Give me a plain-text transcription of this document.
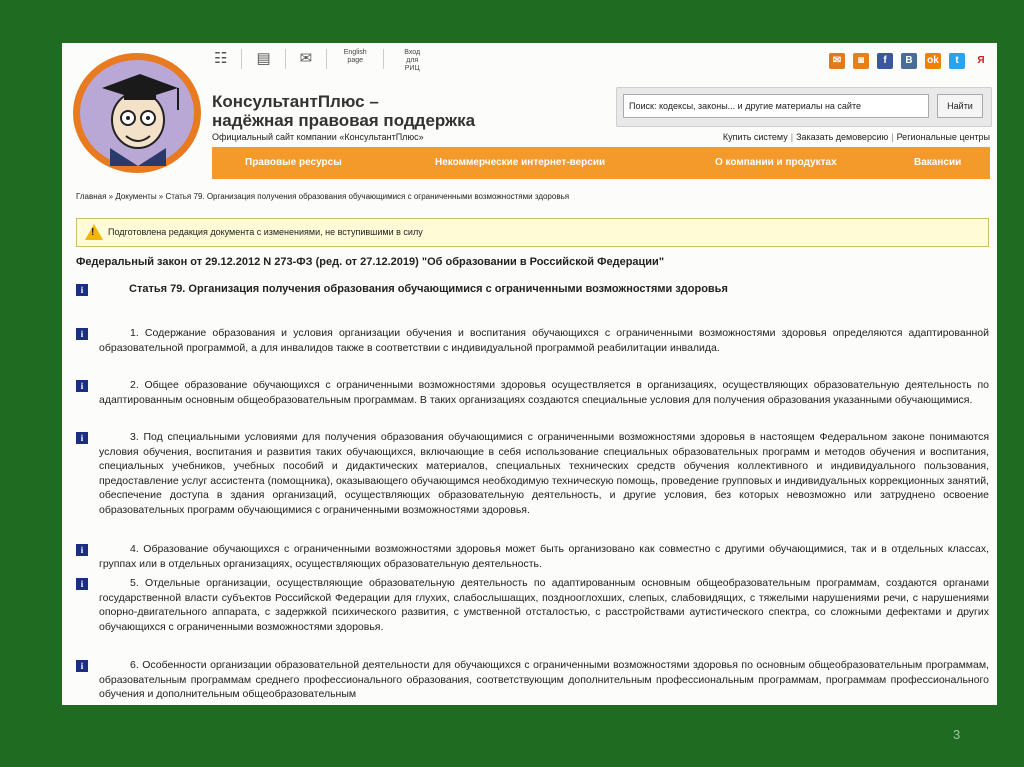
☷ ▤ ✉	English page
Вход для РИЦ
✉	◙	f	B	ok	t	Я
КонсультантПлюс –
надёжная правовая поддержка
Официальный сайт компании «КонсультантПлюс»
Поиск: кодексы, законы... и другие материалы на сайте	Найти
Купить систему | Заказать демоверсию | Региональные центры
Правовые ресурсы	Некоммерческие интернет-версии	О компании и продуктах	Вакансии
Главная » Документы » Статья 79. Организация получения образования обучающимися с ограниченными возможностями здоровья
! Подготовлена редакция документа с изменениями, не вступившими в силу
Федеральный закон от 29.12.2012 N 273-ФЗ (ред. от 27.12.2019) "Об образовании в Российской Федерации"
i	Статья 79. Организация получения образования обучающимися с ограниченными возможностями здоровья
i	1. Содержание образования и условия организации обучения и воспитания обучающихся с ограниченными возможностями здоровья определяются адаптированной образовательной программой, а для инвалидов также в соответствии с индивидуальной программой реабилитации инвалида.

i	2. Общее образование обучающихся с ограниченными возможностями здоровья осуществляется в организациях, осуществляющих образовательную деятельность по адаптированным основным общеобразовательным программам. В таких организациях создаются специальные условия для получения образования указанными обучающимися.

i	3. Под специальными условиями для получения образования обучающимися с ограниченными возможностями здоровья в настоящем Федеральном законе понимаются условия обучения, воспитания и развития таких обучающихся, включающие в себя использование специальных образовательных программ и методов обучения и воспитания, специальных учебников, учебных пособий и дидактических материалов, специальных технических средств обучения коллективного и индивидуального пользования, предоставление услуг ассистента (помощника), оказывающего обучающимся необходимую техническую помощь, проведение групповых и индивидуальных коррекционных занятий, обеспечение доступа в здания организаций, осуществляющих образовательную деятельность, и другие условия, без которых невозможно или затруднено освоение образовательных программ обучающимися с ограниченными возможностями здоровья.

i	4. Образование обучающихся с ограниченными возможностями здоровья может быть организовано как совместно с другими обучающимися, так и в отдельных классах, группах или в отдельных организациях, осуществляющих образовательную деятельность.

i	5. Отдельные организации, осуществляющие образовательную деятельность по адаптированным основным общеобразовательным программам, создаются органами государственной власти субъектов Российской Федерации для глухих, слабослышащих, позднооглохших, слепых, слабовидящих, с тяжелыми нарушениями речи, с нарушениями опорно-двигательного аппарата, с задержкой психического развития, с умственной отсталостью, с расстройствами аутистического спектра, со сложными дефектами и других обучающихся с ограниченными возможностями здоровья.

i	6. Особенности организации образовательной деятельности для обучающихся с ограниченными возможностями здоровья по основным общеобразовательным программам, образовательным программам среднего профессионального образования, соответствующим дополнительным профессиональным программам, программам профессионального обучения и дополнительным общеобразовательным

3
